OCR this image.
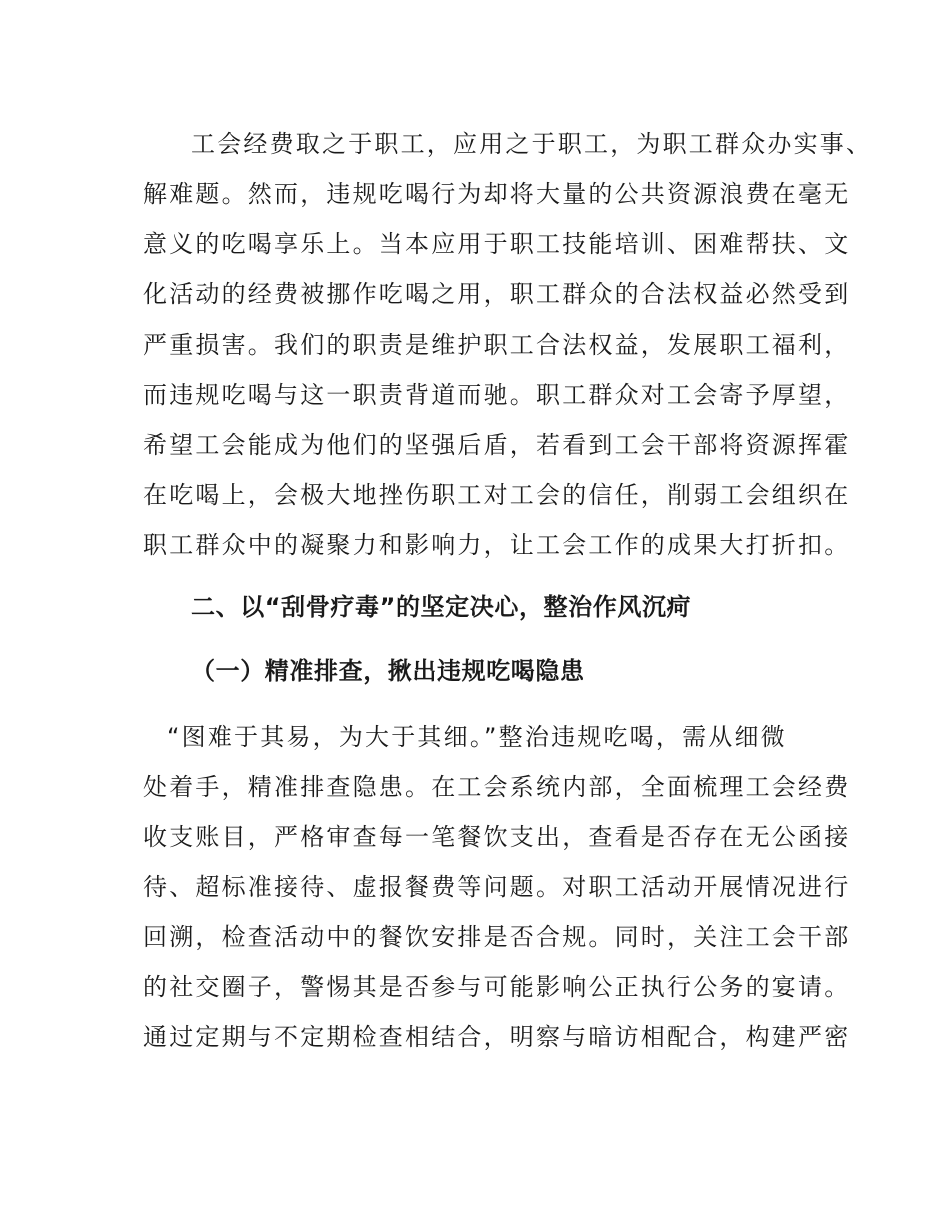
工会经费取之于职工，应用之于职工，为职工群众办实事、
解难题。然而，违规吃喝行为却将大量的公共资源浪费在毫无
意义的吃喝享乐上。当本应用于职工技能培训、困难帮扶、文
化活动的经费被挪作吃喝之用，职工群众的合法权益必然受到
严重损害。我们的职责是维护职工合法权益，发展职工福利，
而违规吃喝与这一职责背道而驰。职工群众对工会寄予厚望，
希望工会能成为他们的坚强后盾，若看到工会干部将资源挥霍
在吃喝上，会极大地挫伤职工对工会的信任，削弱工会组织在
职工群众中的凝聚力和影响力，让工会工作的成果大打折扣。
二、以“刮骨疗毒”的坚定决心，整治作风沉疴
（一）精准排查，揪出违规吃喝隐患
“图难于其易，为大于其细。”整治违规吃喝，需从细微
处着手，精准排查隐患。在工会系统内部，全面梳理工会经费
收支账目，严格审查每一笔餐饮支出，查看是否存在无公函接
待、超标准接待、虚报餐费等问题。对职工活动开展情况进行
回溯，检查活动中的餐饮安排是否合规。同时，关注工会干部
的社交圈子，警惕其是否参与可能影响公正执行公务的宴请。
通过定期与不定期检查相结合，明察与暗访相配合，构建严密
